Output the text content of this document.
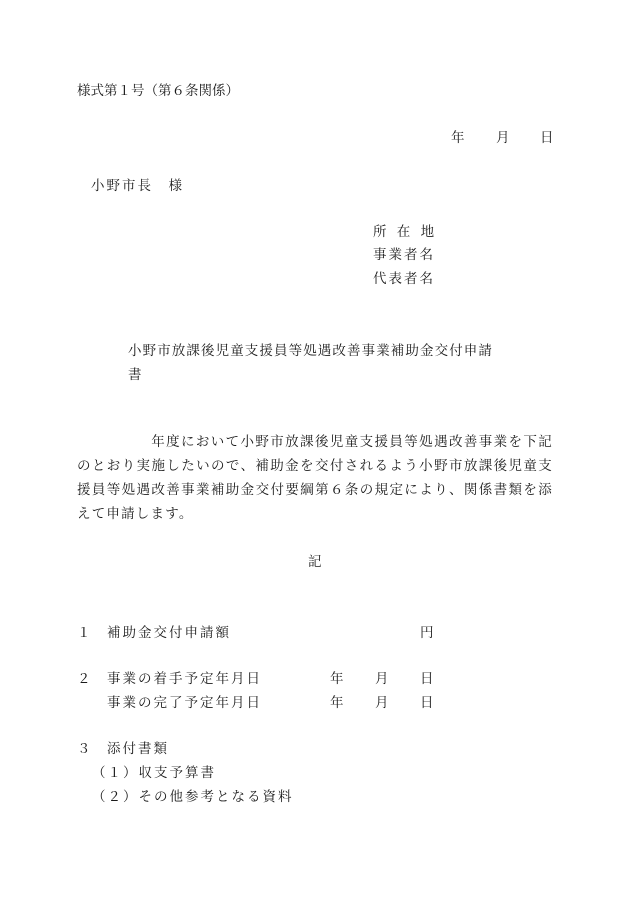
様式第１号（第６条関係）
年 月 日
小野市長　様
所 在 地
事業者名
代表者名
小野市放課後児童支援員等処遇改善事業補助金交付申請
書
年度において小野市放課後児童支援員等処遇改善事業を下記のとおり実施したいので、補助金を交付されるよう小野市放課後児童支援員等処遇改善事業補助金交付要綱第６条の規定により、関係書類を添えて申請します。
記
１ 補助金交付申請額	円
２ 事業の着手予定年月日	年 月 日
事業の完了予定年月日	年 月 日
３ 添付書類
（１）収支予算書
（２）その他参考となる資料
